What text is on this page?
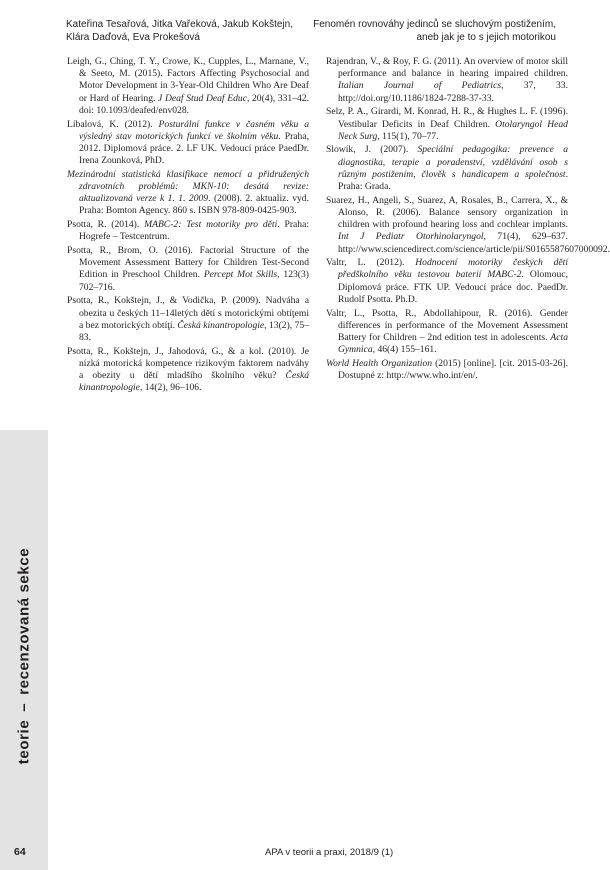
Kateřina Tesařová, Jitka Vařeková, Jakub Kokštejn,
Klára Daďová, Eva Prokešová
Fenomén rovnováhy jedinců se sluchovým postižením,
aneb jak je to s jejich motorikou

Leigh, G., Ching, T. Y., Crowe, K., Cupples, L., Marnane, V., & Seeto, M. (2015). Factors Affecting Psychosocial and Motor Development in 3-Year-Old Children Who Are Deaf or Hard of Hearing. J Deaf Stud Deaf Educ, 20(4), 331–42. doi: 10.1093/deafed/env028.

Líbalová, K. (2012). Posturální funkce v časném věku a výsledný stav motorických funkcí ve školním věku. Praha, 2012. Diplomová práce. 2. LF UK. Vedoucí práce PaedDr. Irena Zounková, PhD.

Mezinárodní statistická klasifikace nemocí a přidružených zdravotních problémů: MKN-10: desátá revize: aktualizovaná verze k 1. 1. 2009. (2008). 2. aktualiz. vyd. Praha: Bomton Agency. 860 s. ISBN 978-809-0425-903.

Psotta, R. (2014). MABC-2: Test motoriky pro děti. Praha: Hogrefe – Testcentrum.

Psotta, R., Brom, O. (2016). Factorial Structure of the Movement Assessment Battery for Children Test-Second Edition in Preschool Children. Percept Mot Skills, 123(3) 702–716.

Psotta, R., Kokštejn, J., & Vodička, P. (2009). Nadváha a obezita u českých 11–14letých dětí s motorickými obtíţemi a bez motorických obtíţí. Česká kinantropologie, 13(2), 75–83.

Psotta, R., Kokštejn, J., Jahodová, G., & a kol. (2010). Je nízká motorická kompetence rizikovým faktorem nadváhy a obezity u dětí mladšího školního věku? Česká kinantropologie, 14(2), 96–106.

Rajendran, V., & Roy, F. G. (2011). An overview of motor skill performance and balance in hearing impaired children. Italian Journal of Pediatrics, 37, 33. http://doi.org/10.1186/1824-7288-37-33.

Selz, P. A., Girardi, M. Konrad, H. R., & Hughes L. F. (1996). Vestibular Deficits in Deaf Children. Otolaryngol Head Neck Surg, 115(1), 70–77.

Slowík, J. (2007). Speciální pedagogika: prevence a diagnostika, terapie a poradenství, vzdělávání osob s různým postižením, člověk s handicapem a společnost. Praha: Grada.

Suarez, H., Angeli, S., Suarez, A, Rosales, B., Carrera, X., & Alonso, R. (2006). Balance sensory organization in children with profound hearing loss and cochlear implants. Int J Pediatr Otorhinolaryngol, 71(4), 629–637. http://www.sciencedirect.com/science/article/pii/S0165587607000092.

Valtr, L. (2012). Hodnocení motoriky českých dětí předškolního věku testovou baterií MABC-2. Olomouc, Diplomová práce. FTK UP. Vedoucí práce doc. PaedDr. Rudolf Psotta. Ph.D.

Valtr, L., Psotta, R., Abdollahipour, R. (2016). Gender differences in performance of the Movement Assessment Battery for Children – 2nd edition test in adolescents. Acta Gymnica, 46(4) 155–161.

World Health Organization (2015) [online]. [cit. 2015-03-26]. Dostupné z: http://www.who.int/en/.

teorie–recenzovaná sekce
64	APA v teorii a praxi, 2018/9 (1)
